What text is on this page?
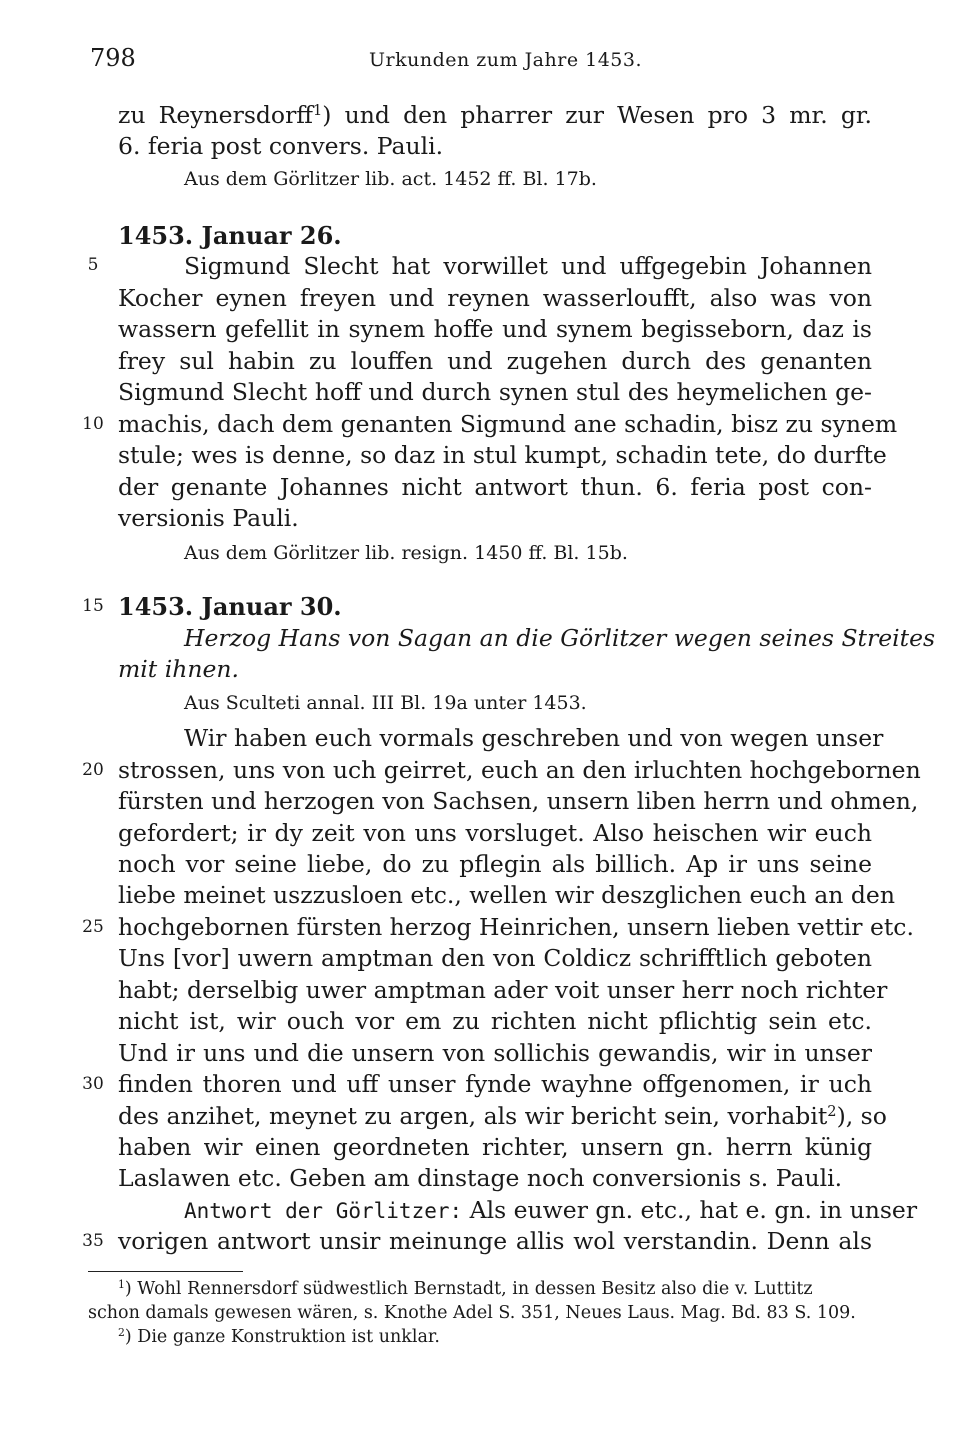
798	Urkunden zum Jahre 1453.
5
10
15
20
25
30
35
zu Reynersdorff$^1$) und den pharrer zur Wesen pro 3 mr. gr.
6. feria post convers. Pauli.
Aus dem Görlitzer lib. act. 1452 ff. Bl. 17b.
1453. Januar 26.
Sigmund Slecht hat vorwillet und uffgegebin Johannen
Kocher eynen freyen und reynen wasserloufft, also was von
wassern gefellit in synem hoffe und synem begisseborn, daz is
frey sul habin zu louffen und zugehen durch des genanten
Sigmund Slecht hoff und durch synen stul des heymelichen ge-
machis, dach dem genanten Sigmund ane schadin, bisz zu synem
stule; wes is denne, so daz in stul kumpt, schadin tete, do durfte
der genante Johannes nicht antwort thun. 6. feria post con-
versionis Pauli.
Aus dem Görlitzer lib. resign. 1450 ff. Bl. 15b.
1453. Januar 30.
Herzog Hans von Sagan an die Görlitzer wegen seines Streites
mit ihnen.
Aus Sculteti annal. III Bl. 19a unter 1453.
Wir haben euch vormals geschreben und von wegen unser
strossen, uns von uch geirret, euch an den irluchten hochgebornen
fürsten und herzogen von Sachsen, unsern liben herrn und ohmen,
gefordert; ir dy zeit von uns vorsluget. Also heischen wir euch
noch vor seine liebe, do zu pflegin als billich. Ap ir uns seine
liebe meinet uszzusloen etc., wellen wir deszglichen euch an den
hochgebornen fürsten herzog Heinrichen, unsern lieben vettir etc.
Uns [vor] uwern amptman den von Coldicz schrifftlich geboten
habt; derselbig uwer amptman ader voit unser herr noch richter
nicht ist, wir ouch vor em zu richten nicht pflichtig sein etc.
Und ir uns und die unsern von sollichis gewandis, wir in unser
finden thoren und uff unser fynde wayhne offgenomen, ir uch
des anzihet, meynet zu argen, als wir bericht sein, vorhabit$^2$), so
haben wir einen geordneten richter, unsern gn. herrn künig
Laslawen etc. Geben am dinstage noch conversionis s. Pauli.
Antwort der Görlitzer: Als euwer gn. etc., hat e. gn. in unser
vorigen antwort unsir meinunge allis wol verstandin. Denn als
$^1$) Wohl Rennersdorf südwestlich Bernstadt, in dessen Besitz also die v. Luttitz
schon damals gewesen wären, s. Knothe Adel S. 351, Neues Laus. Mag. Bd. 83 S. 109.
$^2$) Die ganze Konstruktion ist unklar.
